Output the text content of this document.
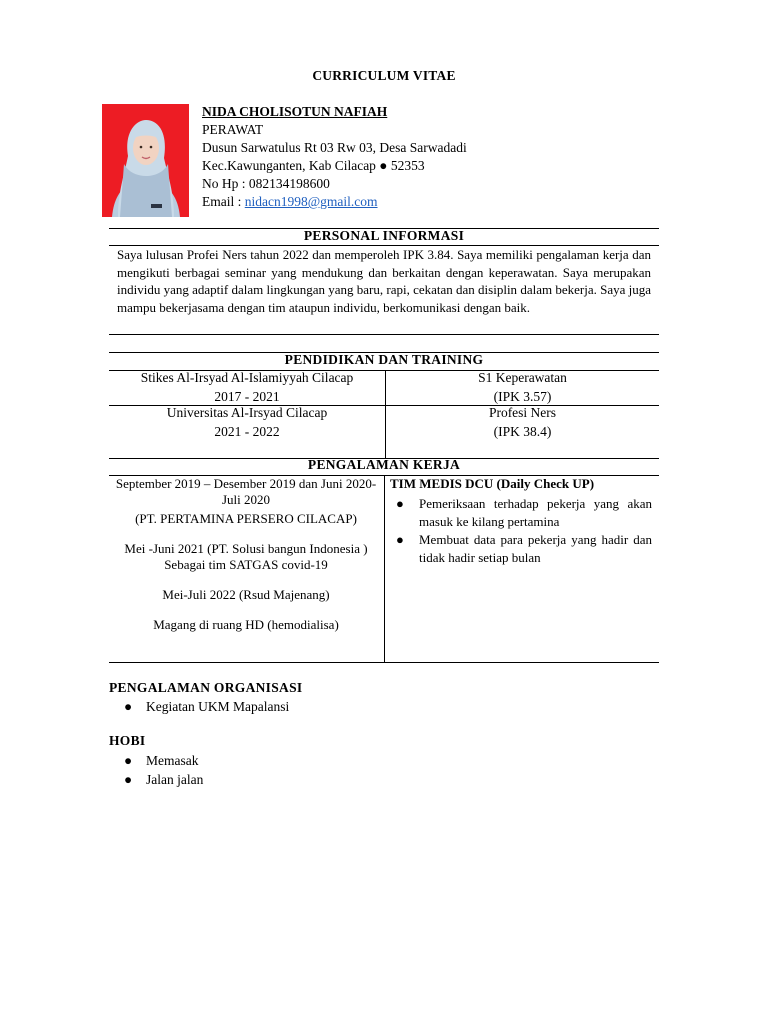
CURRICULUM VITAE
NIDA CHOLISOTUN NAFIAH
PERAWAT
Dusun Sarwatulus Rt 03 Rw 03, Desa Sarwadadi
Kec.Kawunganten, Kab Cilacap ● 52353
No Hp : 082134198600
Email : nidacn1998@gmail.com
PERSONAL INFORMASI
Saya lulusan Profei Ners tahun 2022 dan memperoleh IPK 3.84. Saya memiliki pengalaman kerja dan mengikuti berbagai seminar yang mendukung dan berkaitan dengan keperawatan. Saya merupakan individu yang adaptif dalam lingkungan yang baru, rapi, cekatan dan disiplin dalam bekerja. Saya juga mampu bekerjasama dengan tim ataupun individu, berkomunikasi dengan baik.
PENDIDIKAN DAN TRAINING
Stikes Al-Irsyad Al-Islamiyyah Cilacap
2017 - 2021
S1 Keperawatan
(IPK 3.57)
Universitas Al-Irsyad Cilacap
2021 - 2022
Profesi Ners
(IPK 38.4)
PENGALAMAN KERJA

September 2019 – Desember 2019 dan Juni 2020- Juli 2020

(PT. PERTAMINA PERSERO CILACAP)

Mei -Juni 2021 (PT. Solusi bangun Indonesia )

Sebagai tim SATGAS covid-19

Mei-Juli 2022 (Rsud Majenang)

Magang di ruang HD (hemodialisa)

TIM MEDIS DCU (Daily Check UP)
● Pemeriksaan terhadap pekerja yang akan masuk ke kilang pertamina
● Membuat data para pekerja yang hadir dan tidak hadir setiap bulan
PENGALAMAN ORGANISASI
● Kegiatan UKM Mapalansi
HOBI
● Memasak
● Jalan jalan
